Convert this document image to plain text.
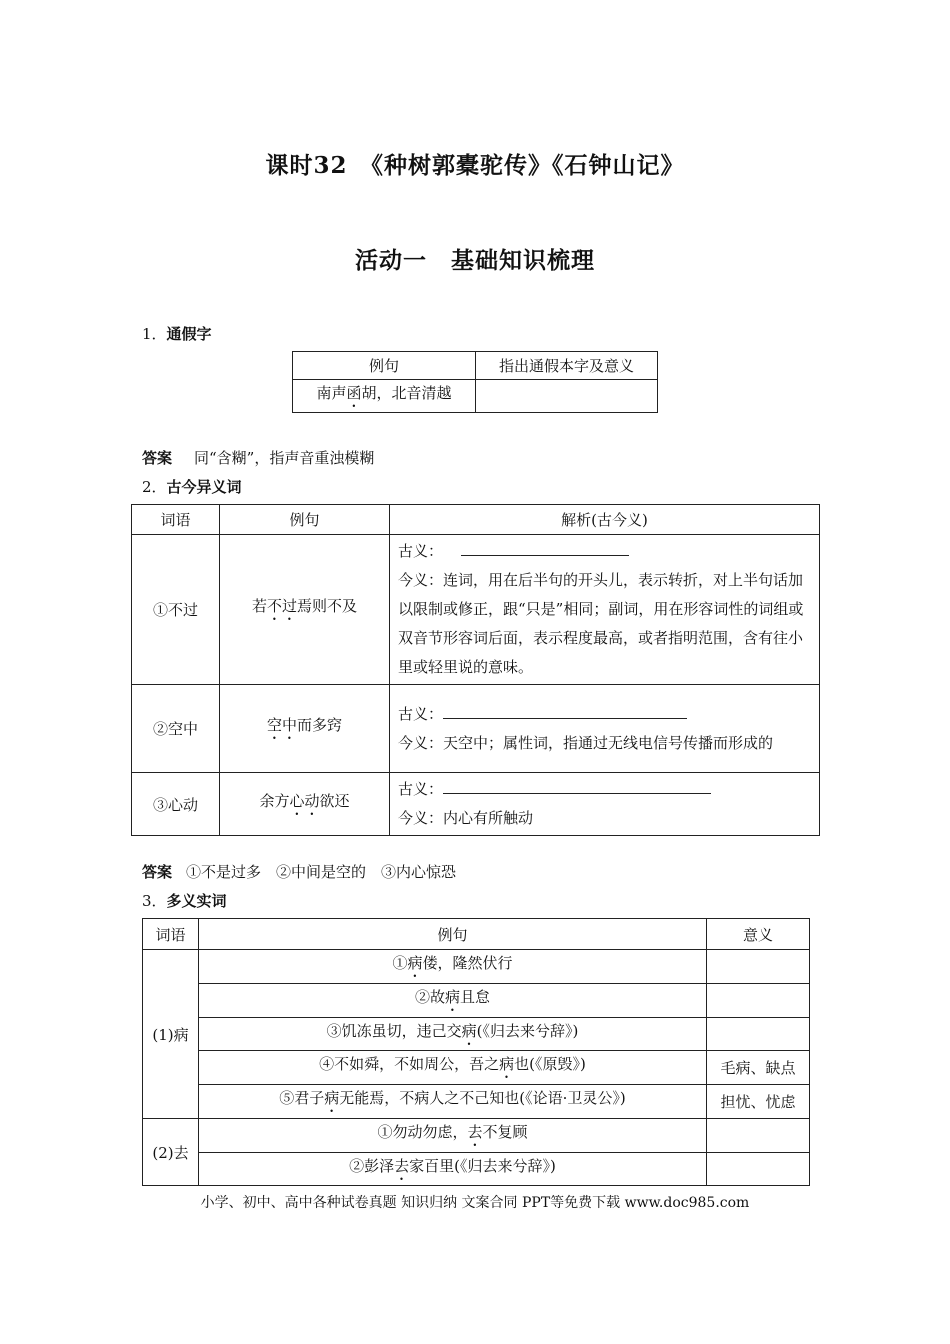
课时32　《种树郭橐驼传》《石钟山记》
活动一　基础知识梳理
1．通假字
例句	指出通假本字及意义
南声函胡，北音清越	
答案 同“含糊”，指声音重浊模糊
2．古今异义词
词语	例句	解析(古今义)
①不过	若不过焉则不及	古义：
今义：连词，用在后半句的开头儿，表示转折，对上半句话加以限制或修正，跟“只是”相同；副词，用在形容词性的词组或双音节形容词后面，表示程度最高，或者指明范围，含有往小里或轻里说的意味。

②空中	空中而多窍	古义：
今义：天空中；属性词，指通过无线电信号传播而形成的

③心动	余方心动欲还	古义：
今义：内心有所触动
答案 ①不是过多　②中间是空的　③内心惊恐
3．多义实词
词语	例句	意义
(1)病	①病偻，隆然伏行	
	②故病且怠	
	③饥冻虽切，违己交病(《归去来兮辞》)	
	④不如舜，不如周公，吾之病也(《原毁》)	毛病、缺点
	⑤君子病无能焉，不病人之不己知也(《论语·卫灵公》)	担忧、忧虑
(2)去	①勿动勿虑，去不复顾	
	②彭泽去家百里(《归去来兮辞》)	
小学、初中、高中各种试卷真题 知识归纳 文案合同 PPT等免费下载 www.doc985.com
